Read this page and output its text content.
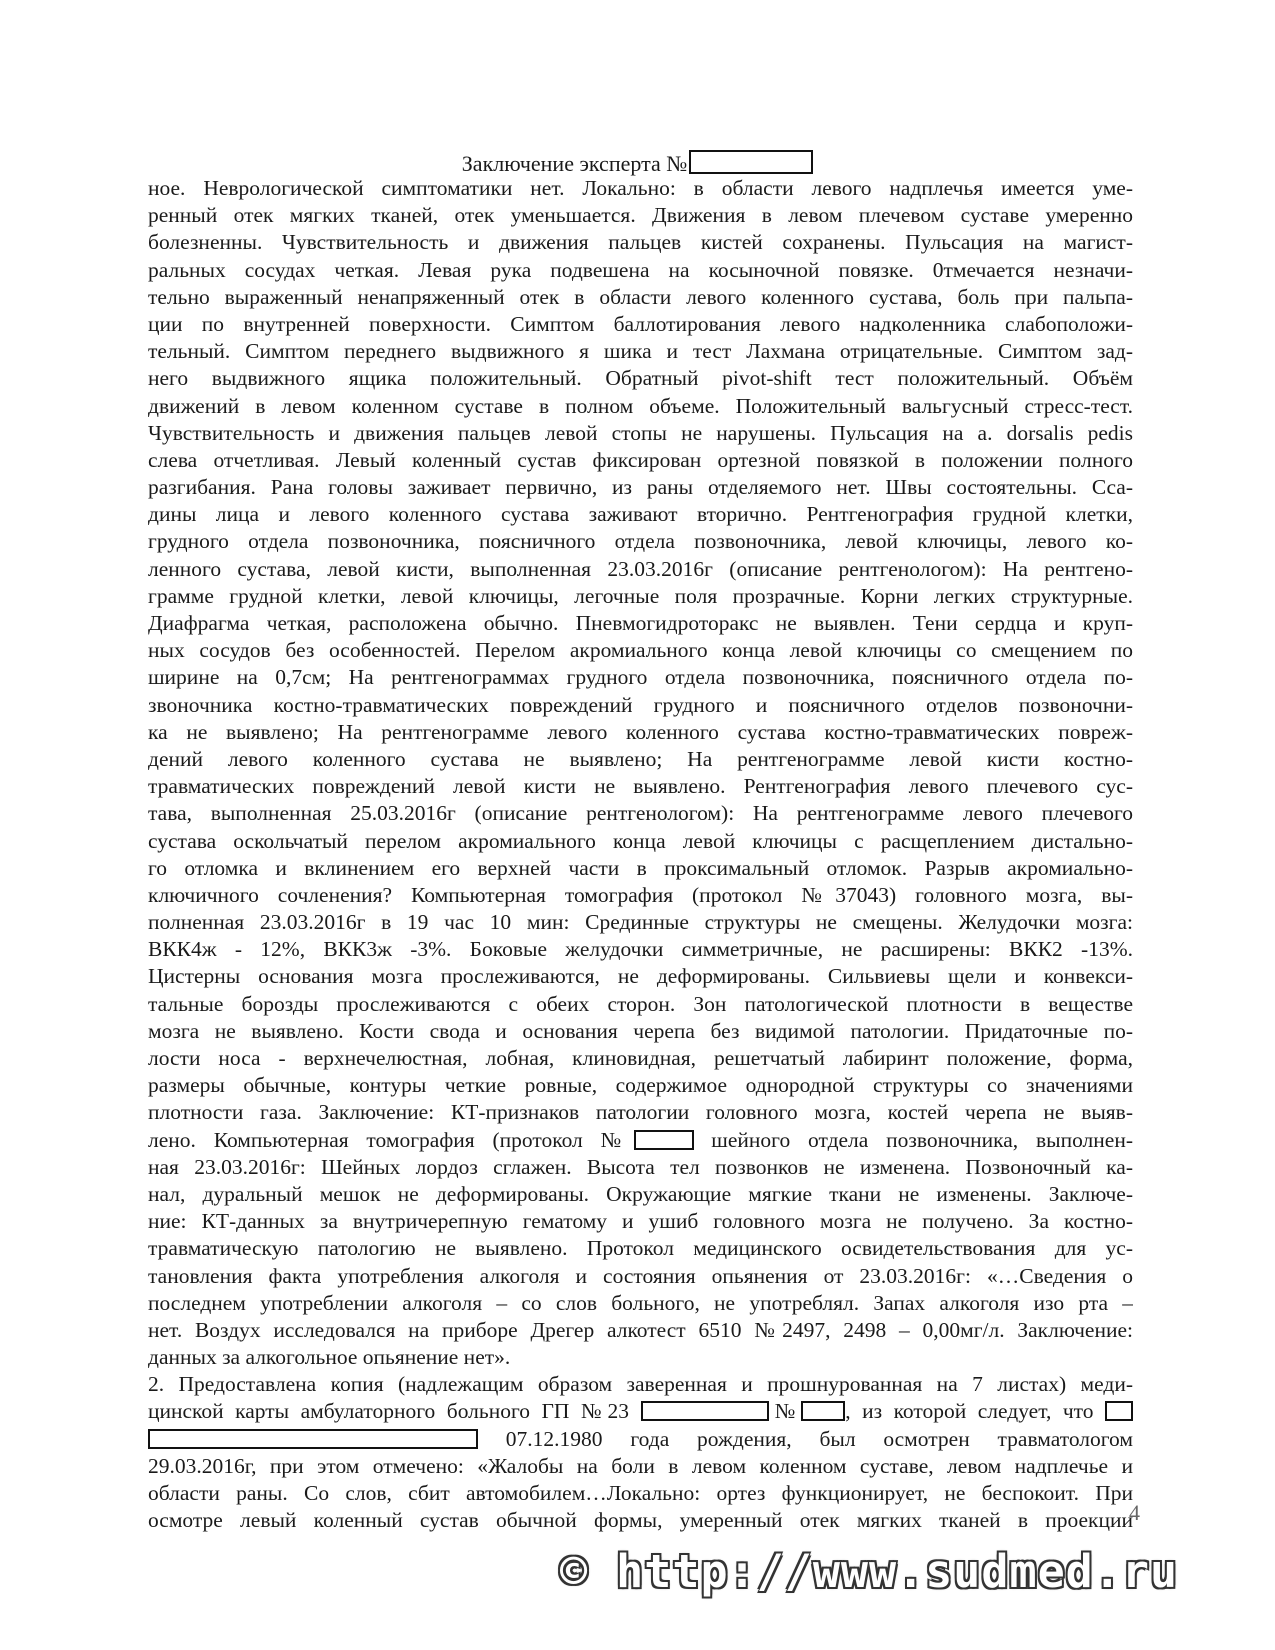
Заключение эксперта №
ное. Неврологической симптоматики нет. Локально: в области левого надплечья имеется уме-
ренный отек мягких тканей, отек уменьшается. Движения в левом плечевом суставе умеренно
болезненны. Чувствительность и движения пальцев кистей сохранены. Пульсация на магист-
ральных сосудах четкая. Левая рука подвешена на косыночной повязке. 0тмечается незначи-
тельно выраженный ненапряженный отек в области левого коленного сустава, боль при пальпа-
ции по внутренней поверхности. Симптом баллотирования левого надколенника слабоположи-
тельный. Симптом переднего выдвижного я шика и тест Лахмана отрицательные. Симптом зад-
него выдвижного ящика положительный. Обратный pivot-shift тест положительный. Объём
движений в левом коленном суставе в полном объеме. Положительный вальгусный стресс-тест.
Чувствительность и движения пальцев левой стопы не нарушены. Пульсация на a. dorsalis pedis
слева отчетливая. Левый коленный сустав фиксирован ортезной повязкой в положении полного
разгибания. Рана головы заживает первично, из раны отделяемого нет. Швы состоятельны. Сса-
дины лица и левого коленного сустава заживают вторично. Рентгенография грудной клетки,
грудного отдела позвоночника, поясничного отдела позвоночника, левой ключицы, левого ко-
ленного сустава, левой кисти, выполненная 23.03.2016г (описание рентгенологом): На рентгено-
грамме грудной клетки, левой ключицы, легочные поля прозрачные. Корни легких структурные.
Диафрагма четкая, расположена обычно. Пневмогидроторакс не выявлен. Тени сердца и круп-
ных сосудов без особенностей. Перелом акромиального конца левой ключицы со смещением по
ширине на 0,7см; На рентгенограммах грудного отдела позвоночника, поясничного отдела по-
звоночника костно-травматических повреждений грудного и поясничного отделов позвоночни-
ка не выявлено; На рентгенограмме левого коленного сустава костно-травматических повреж-
дений левого коленного сустава не выявлено; На рентгенограмме левой кисти костно-
травматических повреждений левой кисти не выявлено. Рентгенография левого плечевого сус-
тава, выполненная 25.03.2016г (описание рентгенологом): На рентгенограмме левого плечевого
сустава оскольчатый перелом акромиального конца левой ключицы с расщеплением дистально-
го отломка и вклинением его верхней части в проксимальный отломок. Разрыв акромиально-
ключичного сочленения? Компьютерная томография (протокол №37043) головного мозга, вы-
полненная 23.03.2016г в 19 час 10 мин: Срединные структуры не смещены. Желудочки мозга:
ВКК4ж - 12%, ВКК3ж -3%. Боковые желудочки симметричные, не расширены: ВКК2 -13%.
Цистерны основания мозга прослеживаются, не деформированы. Сильвиевы щели и конвекси-
тальные борозды прослеживаются с обеих сторон. Зон патологической плотности в веществе
мозга не выявлено. Кости свода и основания черепа без видимой патологии. Придаточные по-
лости носа - верхнечелюстная, лобная, клиновидная, решетчатый лабиринт положение, форма,
размеры обычные, контуры четкие ровные, содержимое однородной структуры со значениями
плотности газа. Заключение: КТ-признаков патологии головного мозга, костей черепа не выяв-
лено. Компьютерная томография (протокол №	шейного отдела позвоночника, выполнен-
ная 23.03.2016г: Шейных лордоз сглажен. Высота тел позвонков не изменена. Позвоночный ка-
нал, дуральный мешок не деформированы. Окружающие мягкие ткани не изменены. Заключе-
ние: КТ-данных за внутричерепную гематому и ушиб головного мозга не получено. За костно-
травматическую патологию не выявлено. Протокол медицинского освидетельствования для ус-
тановления факта употребления алкоголя и состояния опьянения от 23.03.2016г: «…Сведения о
последнем употреблении алкоголя – со слов больного, не употреблял. Запах алкоголя изо рта –
нет. Воздух исследовался на приборе Дрегер алкотест 6510 №2497, 2498 – 0,00мг/л. Заключение:
данных за алкогольное опьянение нет».
2. Предоставлена копия (надлежащим образом заверенная и прошнурованная на 7 листах) меди-
цинской карты амбулаторного больного ГП №23	№ , из которой следует, что
07.12.1980 года рождения, был осмотрен травматологом
29.03.2016г, при этом отмечено: «Жалобы на боли в левом коленном суставе, левом надплечье и
области раны. Со слов, сбит автомобилем…Локально: ортез функционирует, не беспокоит. При
осмотре левый коленный сустав обычной формы, умеренный отек мягких тканей в проекции
4
© http://www.sudmed.ru
